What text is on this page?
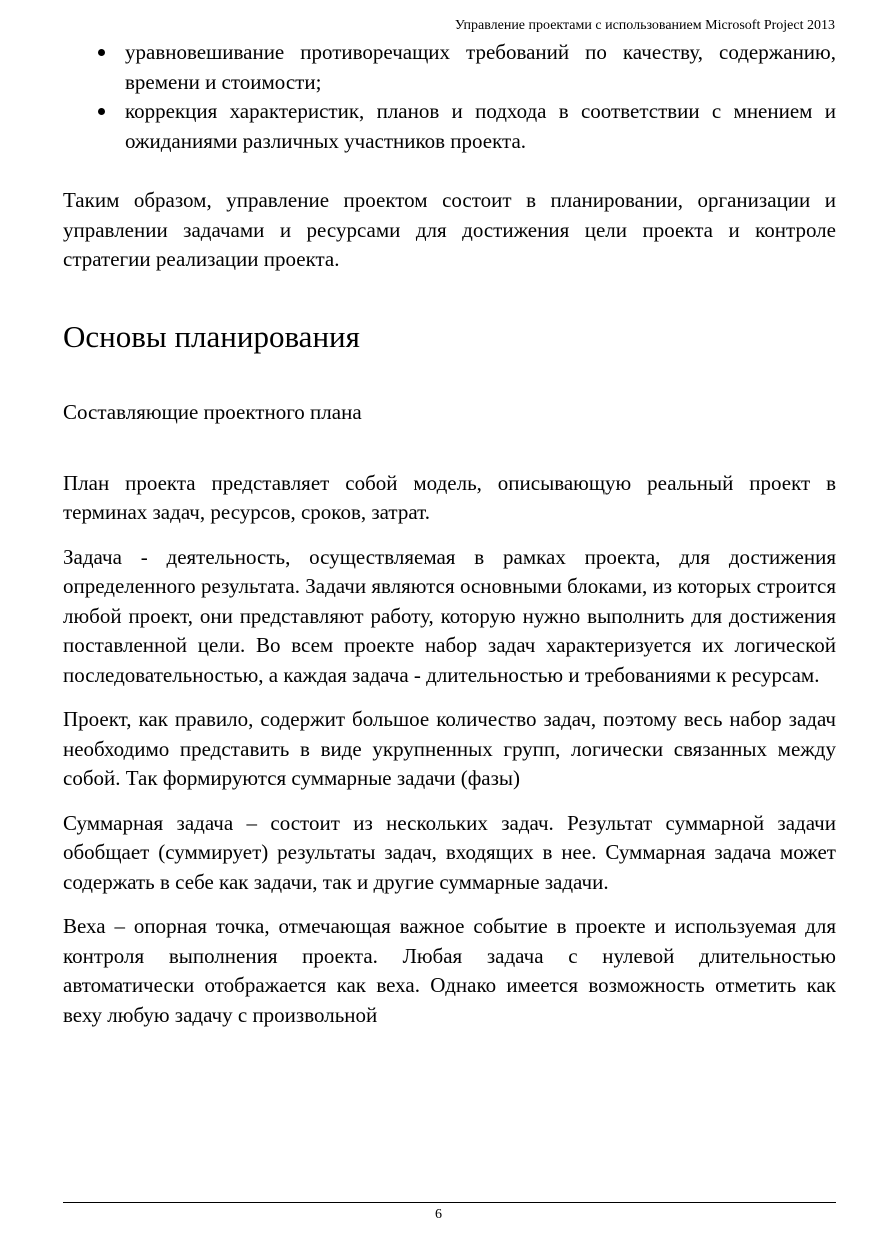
Управление проектами с использованием Microsoft Project 2013
уравновешивание противоречащих требований по качеству, содержанию, времени и стоимости;
коррекция характеристик, планов и подхода в соответствии с мнением и ожиданиями различных участников проекта.

Таким образом, управление проектом состоит в планировании, организации и управлении задачами и ресурсами для достижения цели проекта и контроле стратегии реализации проекта.

Основы планирования
Составляющие проектного плана

План проекта представляет собой модель, описывающую реальный проект в терминах задач, ресурсов, сроков, затрат.

Задача - деятельность, осуществляемая в рамках проекта, для достижения определенного результата. Задачи являются основными блоками, из которых строится любой проект, они представляют работу, которую нужно выполнить для достижения поставленной цели. Во всем проекте набор задач характеризуется их логической последовательностью, а каждая задача - длительностью и требованиями к ресурсам.

Проект, как правило, содержит большое количество задач, поэтому весь набор задач необходимо представить в виде укрупненных групп, логически связанных между собой. Так формируются суммарные задачи (фазы)

Суммарная задача – состоит из нескольких задач. Результат суммарной задачи обобщает (суммирует) результаты задач, входящих в нее. Суммарная задача может содержать в себе как задачи, так и другие суммарные задачи.

Веха – опорная точка, отмечающая важное событие в проекте и используемая для контроля выполнения проекта. Любая задача с нулевой длительностью автоматически отображается как веха. Однако имеется возможность отметить как веху любую задачу с произвольной

6
